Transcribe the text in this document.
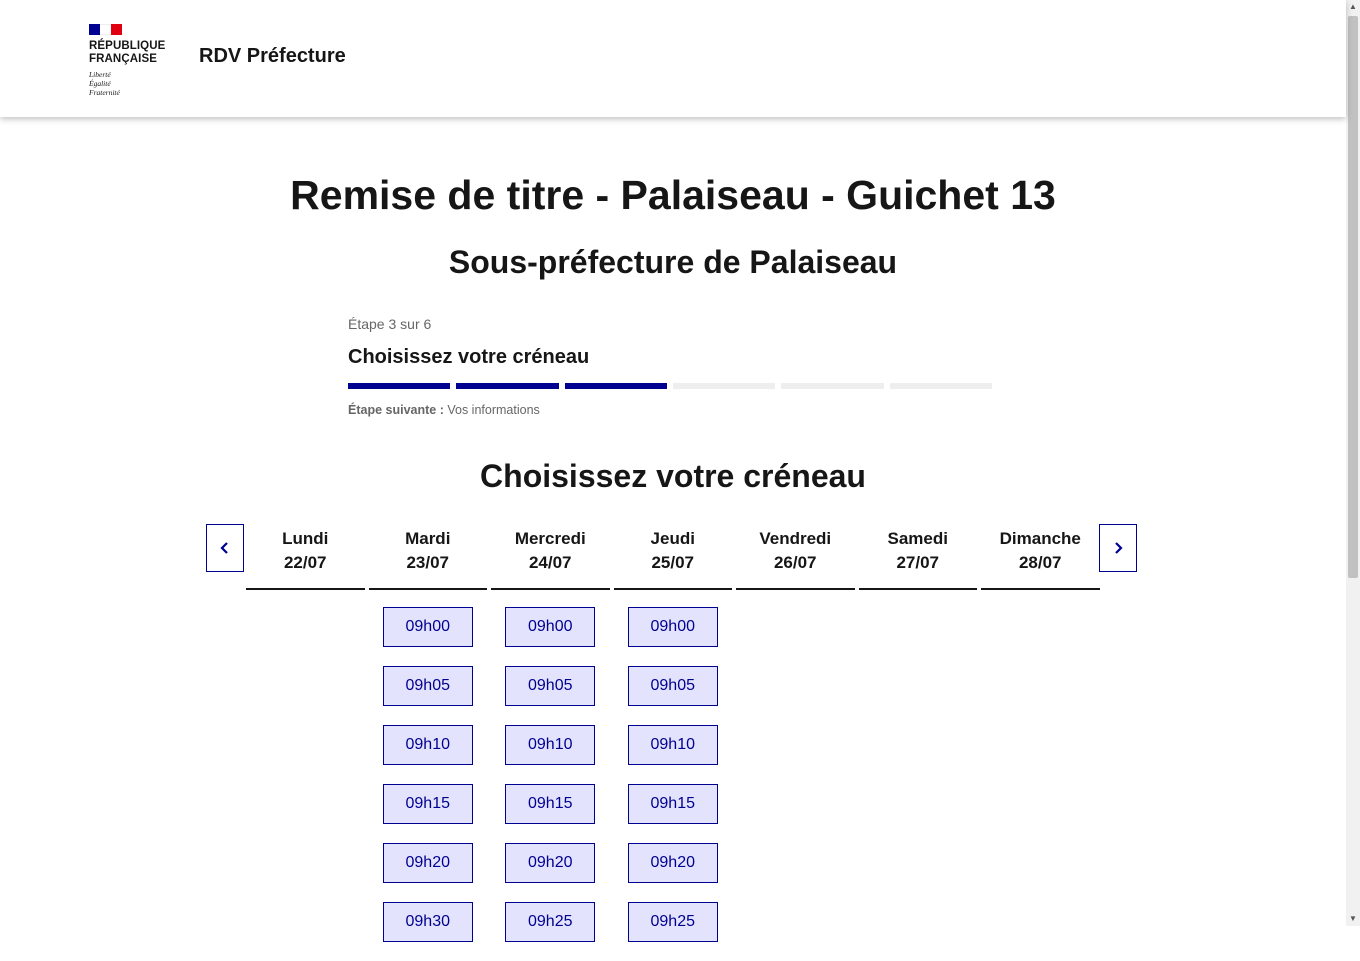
RÉPUBLIQUE
FRANÇAISE
Liberté
Égalité
Fraternité
RDV Préfecture
▲
▼
Remise de titre - Palaiseau - Guichet 13
Sous-préfecture de Palaiseau

Étape 3 sur 6

Choisissez votre créneau
Étape suivante : Vos informations
Choisissez votre créneau
Lundi
22/07
Mardi
23/07
09h00
09h05
09h10
09h15
09h20
09h30
Mercredi
24/07
09h00
09h05
09h10
09h15
09h20
09h25
Jeudi
25/07
09h00
09h05
09h10
09h15
09h20
09h25
Vendredi
26/07
Samedi
27/07
Dimanche
28/07
